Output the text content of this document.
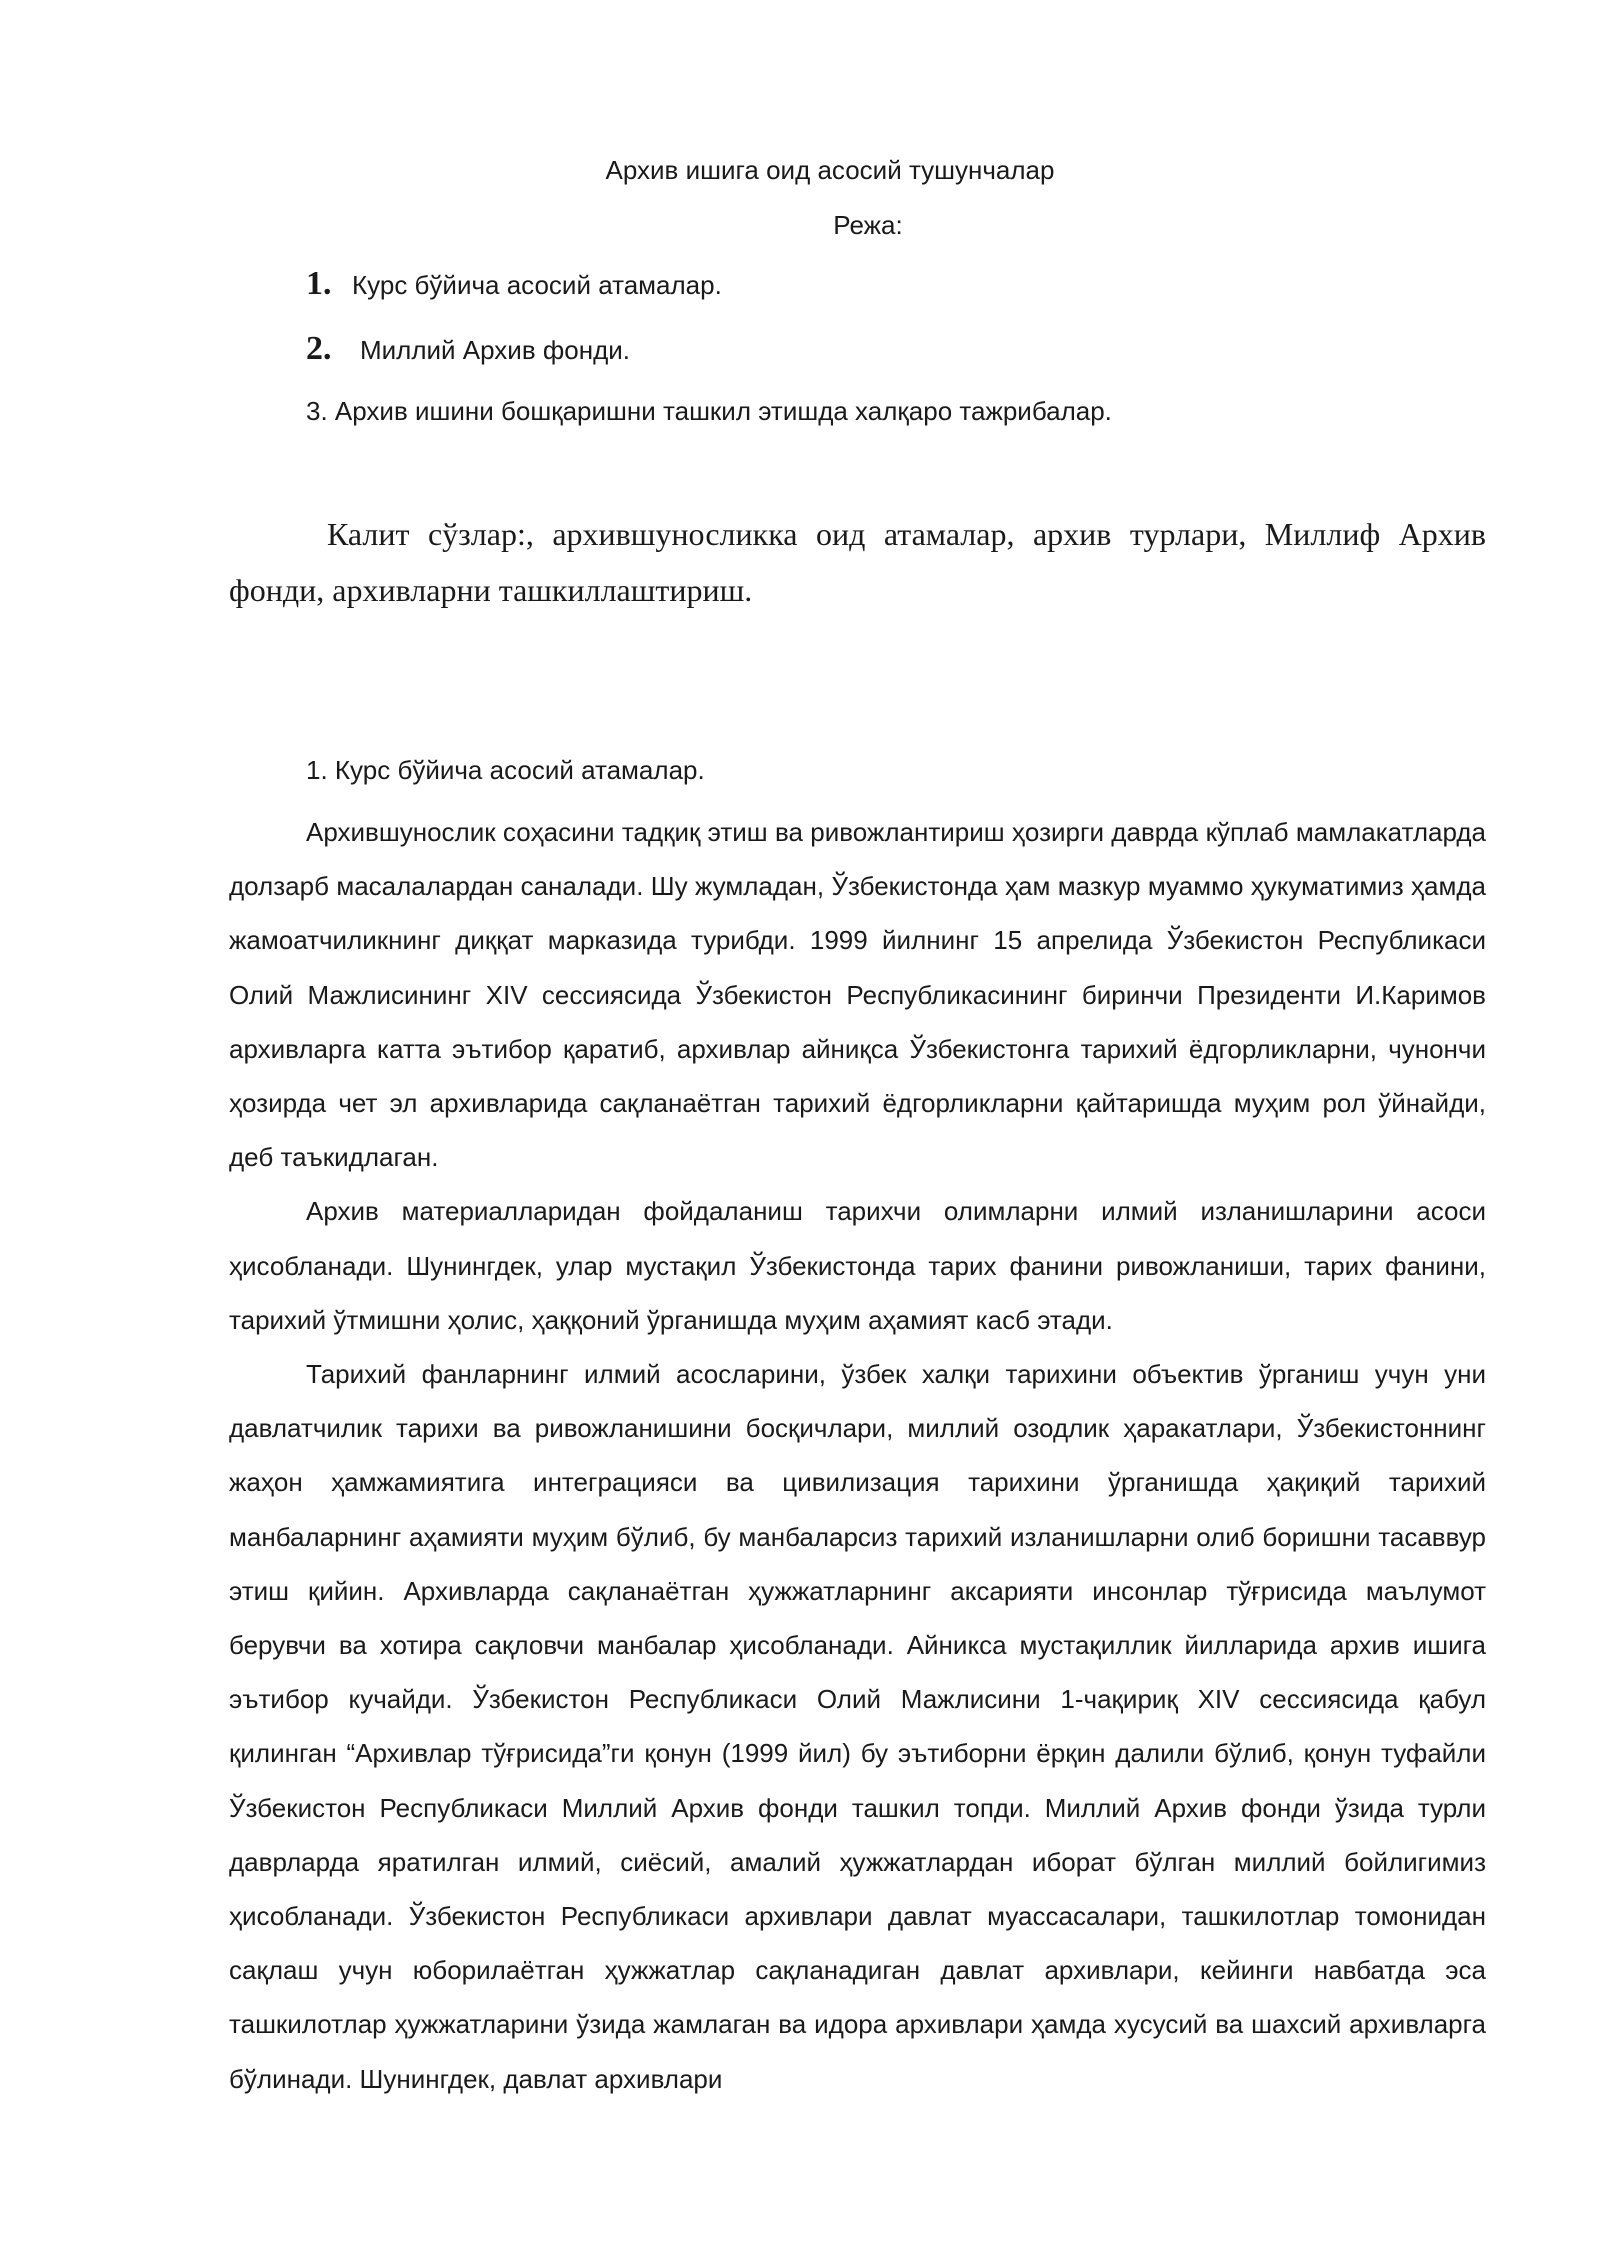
Архив ишига оид асосий тушунчалар
Режа:
1. Курс бўйича асосий атамалар.
2. Миллий Архив фонди.
3. Архив ишини бошқаришни ташкил этишда халқаро тажрибалар.
Калит сўзлар:, архившуносликка оид атамалар, архив турлари, Миллиф Архив фонди, архивларни ташкиллаштириш.
1. Курс бўйича асосий атамалар.

Архившунослик соҳасини тадқиқ этиш ва ривожлантириш ҳозирги даврда кўплаб мамлакатларда долзарб масалалардан саналади. Шу жумладан, Ўзбекистонда ҳам мазкур муаммо ҳукуматимиз ҳамда жамоатчиликнинг диққат марказида турибди. 1999 йилнинг 15 апрелида Ўзбекистон Республикаси Олий Мажлисининг XIV сессиясида Ўзбекистон Республикасининг биринчи Президенти И.Каримов архивларга катта эътибор қаратиб, архивлар айниқса Ўзбекистонга тарихий ёдгорликларни, чунончи ҳозирда чет эл архивларида сақланаётган тарихий ёдгорликларни қайтаришда муҳим рол ўйнайди, деб таъкидлаган.

Архив материалларидан фойдаланиш тарихчи олимларни илмий изланишларини асоси ҳисобланади. Шунингдек, улар мустақил Ўзбекистонда тарих фанини ривожланиши, тарих фанини, тарихий ўтмишни ҳолис, ҳаққоний ўрганишда муҳим аҳамият касб этади.

Тарихий фанларнинг илмий асосларини, ўзбек халқи тарихини объектив ўрганиш учун уни давлатчилик тарихи ва ривожланишини босқичлари, миллий озодлик ҳаракатлари, Ўзбекистоннинг жаҳон ҳамжамиятига интеграцияси ва цивилизация тарихини ўрганишда ҳақиқий тарихий манбаларнинг аҳамияти муҳим бўлиб, бу манбаларсиз тарихий изланишларни олиб боришни тасаввур этиш қийин. Архивларда сақланаётган ҳужжатларнинг аксарияти инсонлар тўғрисида маълумот берувчи ва хотира сақловчи манбалар ҳисобланади. Айникса мустақиллик йилларида архив ишига эътибор кучайди. Ўзбекистон Республикаси Олий Мажлисини 1-чақириқ XIV сессиясида қабул қилинган “Архивлар тўғрисида”ги қонун (1999 йил) бу эътиборни ёрқин далили бўлиб, қонун туфайли Ўзбекистон Республикаси Миллий Архив фонди ташкил топди. Миллий Архив фонди ўзида турли даврларда яратилган илмий, сиёсий, амалий ҳужжатлардан иборат бўлган миллий бойлигимиз ҳисобланади. Ўзбекистон Республикаси архивлари давлат муассасалари, ташкилотлар томонидан сақлаш учун юборилаётган ҳужжатлар сақланадиган давлат архивлари, кейинги навбатда эса ташкилотлар ҳужжатларини ўзида жамлаган ва идора архивлари ҳамда хусусий ва шахсий архивларга бўлинади. Шунингдек, давлат архивлари
